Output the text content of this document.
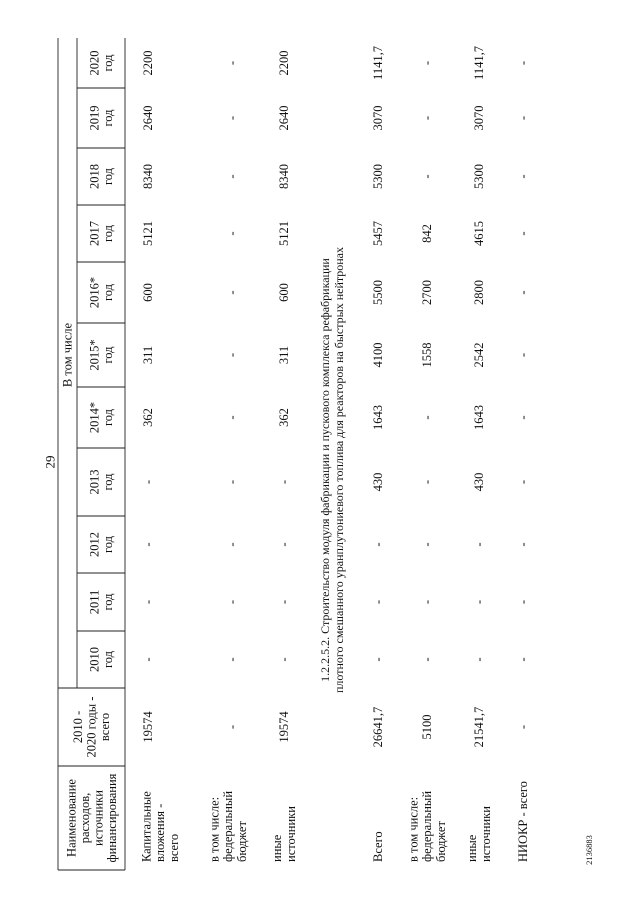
Наименование расходов, источники финансирования
2010 - 2020 годы - всего
В том числе
2010 год
2011 год
2012 год
2013 год
2014* год
2015* год
2016* год
2017 год
2018 год
2019 год
2020 год
29
Капитальные вложения - всего
19574
-
-
-
-
362
311
600
5121
8340
2640
2200
в том числе: федеральный бюджет
-
-
-
-
-
-
-
-
-
-
-
-
иные источники
19574
-
-
-
-
362
311
600
5121
8340
2640
2200
Всего
26641,7
-
-
-
430
1643
4100
5500
5457
5300
3070
1141,7
в том числе: федеральный бюджет
5100
-
-
-
-
-
1558
2700
842
-
-
-
иные источники
21541,7
-
-
-
430
1643
2542
2800
4615
5300
3070
1141,7
НИОКР - всего
-
-
-
-
-
-
-
-
-
-
-
-
1.2.2.5.2. Строительство модуля фабрикации и пускового комплекса рефабрикации плотного смешанного уранплутониевого топлива для реакторов на быстрых нейтронах
2136883
